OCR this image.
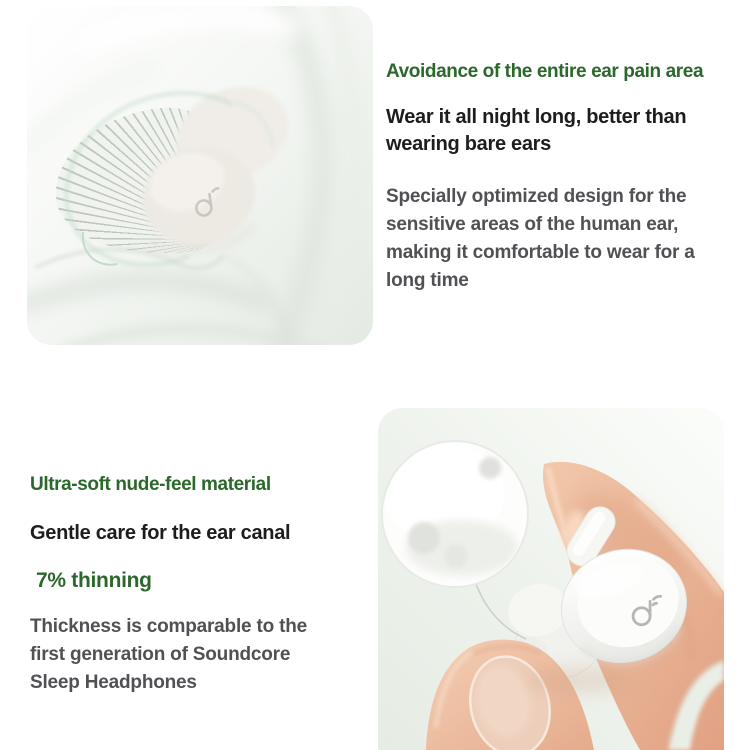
Avoidance of the entire ear pain area

Wear it all night long, better than wearing bare ears

Specially optimized design for the sensitive areas of the human ear, making it comfortable to wear for a long time

Ultra-soft nude-feel material

Gentle care for the ear canal

7% thinning

Thickness is comparable to the first generation of Soundcore Sleep Headphones
